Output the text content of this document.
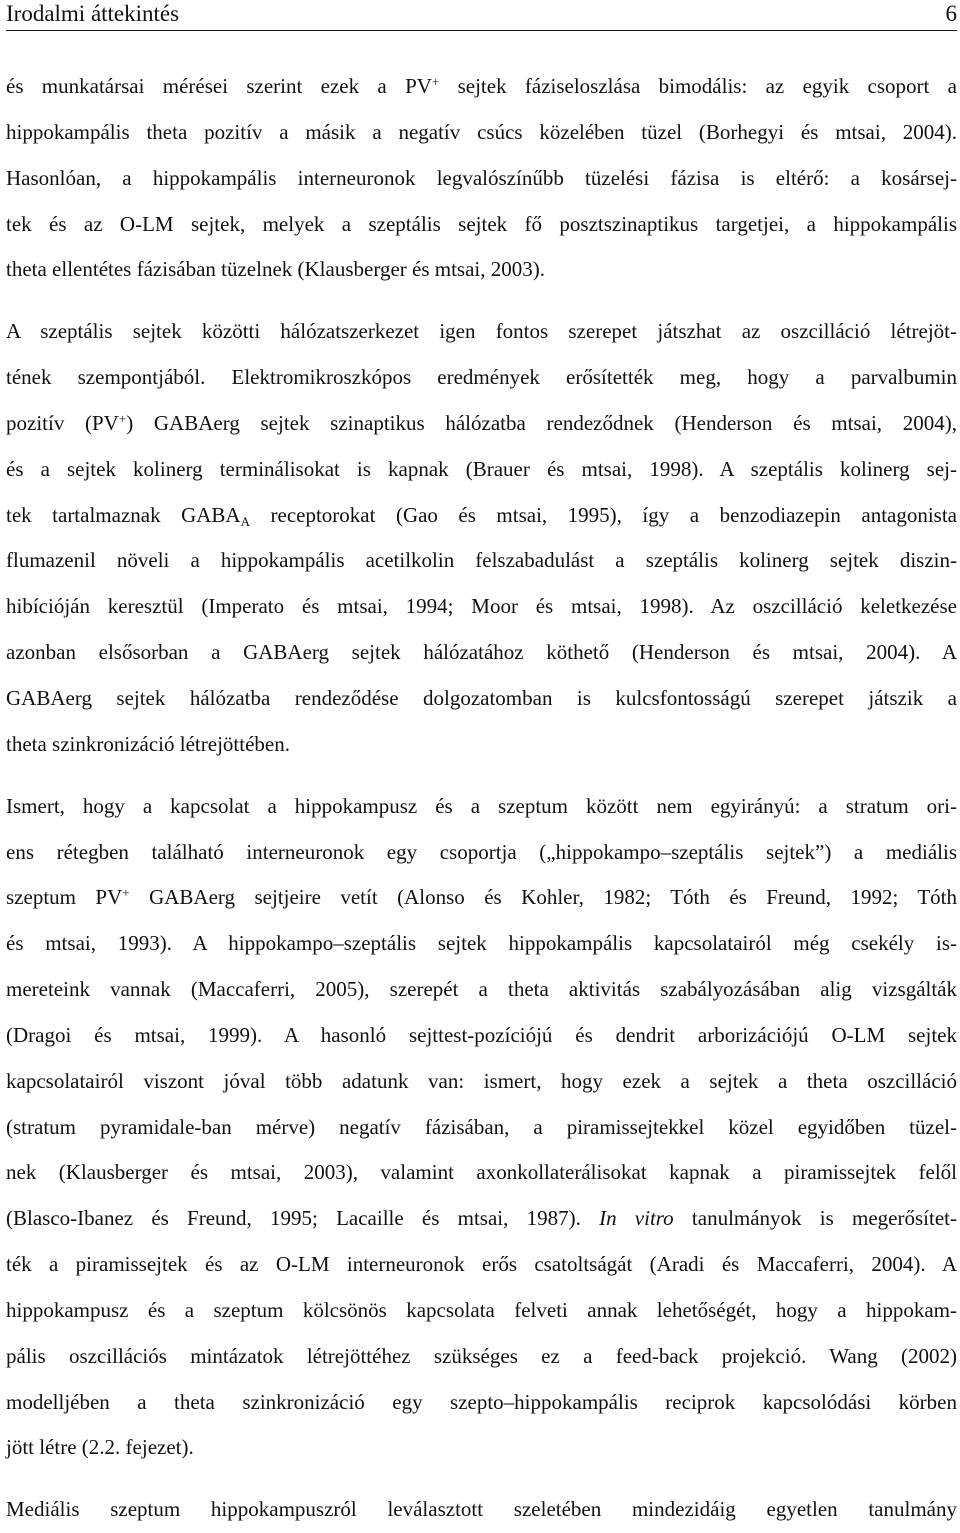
Irodalmi áttekintés	6
és munkatársai mérései szerint ezek a PV+ sejtek fáziseloszlása bimodális: az egyik csoport a
hippokampális theta pozitív a másik a negatív csúcs közelében tüzel (Borhegyi és mtsai, 2004).
Hasonlóan, a hippokampális interneuronok legvalószínűbb tüzelési fázisa is eltérő: a kosársej-
tek és az O-LM sejtek, melyek a szeptális sejtek fő posztszinaptikus targetjei, a hippokampális
theta ellentétes fázisában tüzelnek (Klausberger és mtsai, 2003).
A szeptális sejtek közötti hálózatszerkezet igen fontos szerepet játszhat az oszcilláció létrejöt-
tének szempontjából. Elektromikroszkópos eredmények erősítették meg, hogy a parvalbumin
pozitív (PV+) GABAerg sejtek szinaptikus hálózatba rendeződnek (Henderson és mtsai, 2004),
és a sejtek kolinerg terminálisokat is kapnak (Brauer és mtsai, 1998). A szeptális kolinerg sej-
tek tartalmaznak $GABA_A$ receptorokat (Gao és mtsai, 1995), így a benzodiazepin antagonista
flumazenil növeli a hippokampális acetilkolin felszabadulást a szeptális kolinerg sejtek diszin-
hibícióján keresztül (Imperato és mtsai, 1994; Moor és mtsai, 1998). Az oszcilláció keletkezése
azonban elsősorban a GABAerg sejtek hálózatához köthető (Henderson és mtsai, 2004). A
GABAerg sejtek hálózatba rendeződése dolgozatomban is kulcsfontosságú szerepet játszik a
theta szinkronizáció létrejöttében.
Ismert, hogy a kapcsolat a hippokampusz és a szeptum között nem egyirányú: a stratum ori-
ens rétegben található interneuronok egy csoportja („hippokampo–szeptális sejtek”) a mediális
szeptum PV+ GABAerg sejtjeire vetít (Alonso és Kohler, 1982; Tóth és Freund, 1992; Tóth
és mtsai, 1993). A hippokampo–szeptális sejtek hippokampális kapcsolatairól még csekély is-
mereteink vannak (Maccaferri, 2005), szerepét a theta aktivitás szabályozásában alig vizsgálták
(Dragoi és mtsai, 1999). A hasonló sejttest-pozíciójú és dendrit arborizációjú O-LM sejtek
kapcsolatairól viszont jóval több adatunk van: ismert, hogy ezek a sejtek a theta oszcilláció
(stratum pyramidale-ban mérve) negatív fázisában, a piramissejtekkel közel egyidőben tüzel-
nek (Klausberger és mtsai, 2003), valamint axonkollaterálisokat kapnak a piramissejtek felől
(Blasco-Ibanez és Freund, 1995; Lacaille és mtsai, 1987). In vitro tanulmányok is megerősítet-
ték a piramissejtek és az O-LM interneuronok erős csatoltságát (Aradi és Maccaferri, 2004). A
hippokampusz és a szeptum kölcsönös kapcsolata felveti annak lehetőségét, hogy a hippokam-
pális oszcillációs mintázatok létrejöttéhez szükséges ez a feed-back projekció. Wang (2002)
modelljében a theta szinkronizáció egy szepto–hippokampális reciprok kapcsolódási körben
jött létre (2.2. fejezet).
Mediális szeptum hippokampuszról leválasztott szeletében mindezidáig egyetlen tanulmány
